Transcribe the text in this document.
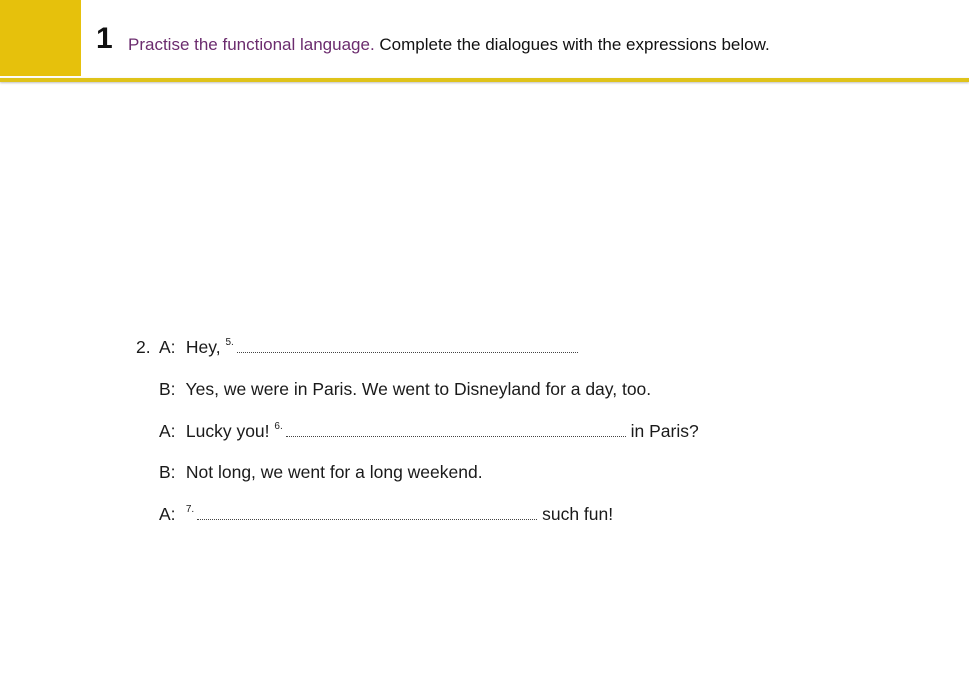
1 Practise the functional language. Complete the dialogues with the expressions below.
2. A: Hey, $^{5.}$
B: Yes, we were in Paris. We went to Disneyland for a day, too.
A: Lucky you! $^{6.}$	in Paris?
B: Not long, we went for a long weekend.
A: $^{7.}$	such fun!
